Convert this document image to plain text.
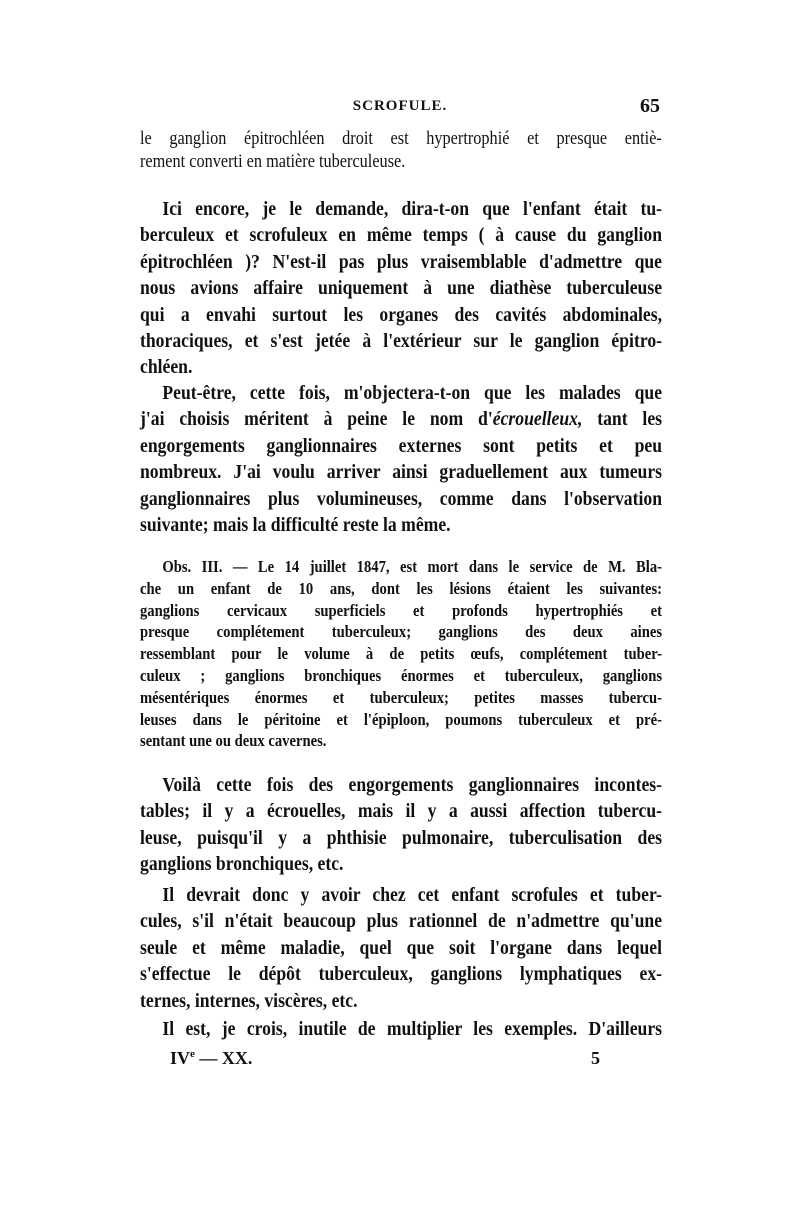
SCROFULE.	65
le ganglion épitrochléen droit est hypertrophié et presque entiè-
rement converti en matière tuberculeuse.
Ici encore, je le demande, dira-t-on que l'enfant était tu-
berculeux et scrofuleux en même temps ( à cause du ganglion
épitrochléen )? N'est-il pas plus vraisemblable d'admettre que
nous avions affaire uniquement à une diathèse tuberculeuse
qui a envahi surtout les organes des cavités abdominales,
thoraciques, et s'est jetée à l'extérieur sur le ganglion épitro-
chléen.
Peut-être, cette fois, m'objectera-t-on que les malades que
j'ai choisis méritent à peine le nom d'écrouelleux, tant les
engorgements ganglionnaires externes sont petits et peu
nombreux. J'ai voulu arriver ainsi graduellement aux tumeurs
ganglionnaires plus volumineuses, comme dans l'observation
suivante; mais la difficulté reste la même.
Obs. III. — Le 14 juillet 1847, est mort dans le service de M. Bla-
che un enfant de 10 ans, dont les lésions étaient les suivantes:
ganglions cervicaux superficiels et profonds hypertrophiés et
presque complétement tuberculeux; ganglions des deux aines
ressemblant pour le volume à de petits œufs, complétement tuber-
culeux ; ganglions bronchiques énormes et tuberculeux, ganglions
mésentériques énormes et tuberculeux; petites masses tubercu-
leuses dans le péritoine et l'épiploon, poumons tuberculeux et pré-
sentant une ou deux cavernes.
Voilà cette fois des engorgements ganglionnaires incontes-
tables; il y a écrouelles, mais il y a aussi affection tubercu-
leuse, puisqu'il y a phthisie pulmonaire, tuberculisation des
ganglions bronchiques, etc.
Il devrait donc y avoir chez cet enfant scrofules et tuber-
cules, s'il n'était beaucoup plus rationnel de n'admettre qu'une
seule et même maladie, quel que soit l'organe dans lequel
s'effectue le dépôt tuberculeux, ganglions lymphatiques ex-
ternes, internes, viscères, etc.
Il est, je crois, inutile de multiplier les exemples. D'ailleurs
IVe — XX.	5
